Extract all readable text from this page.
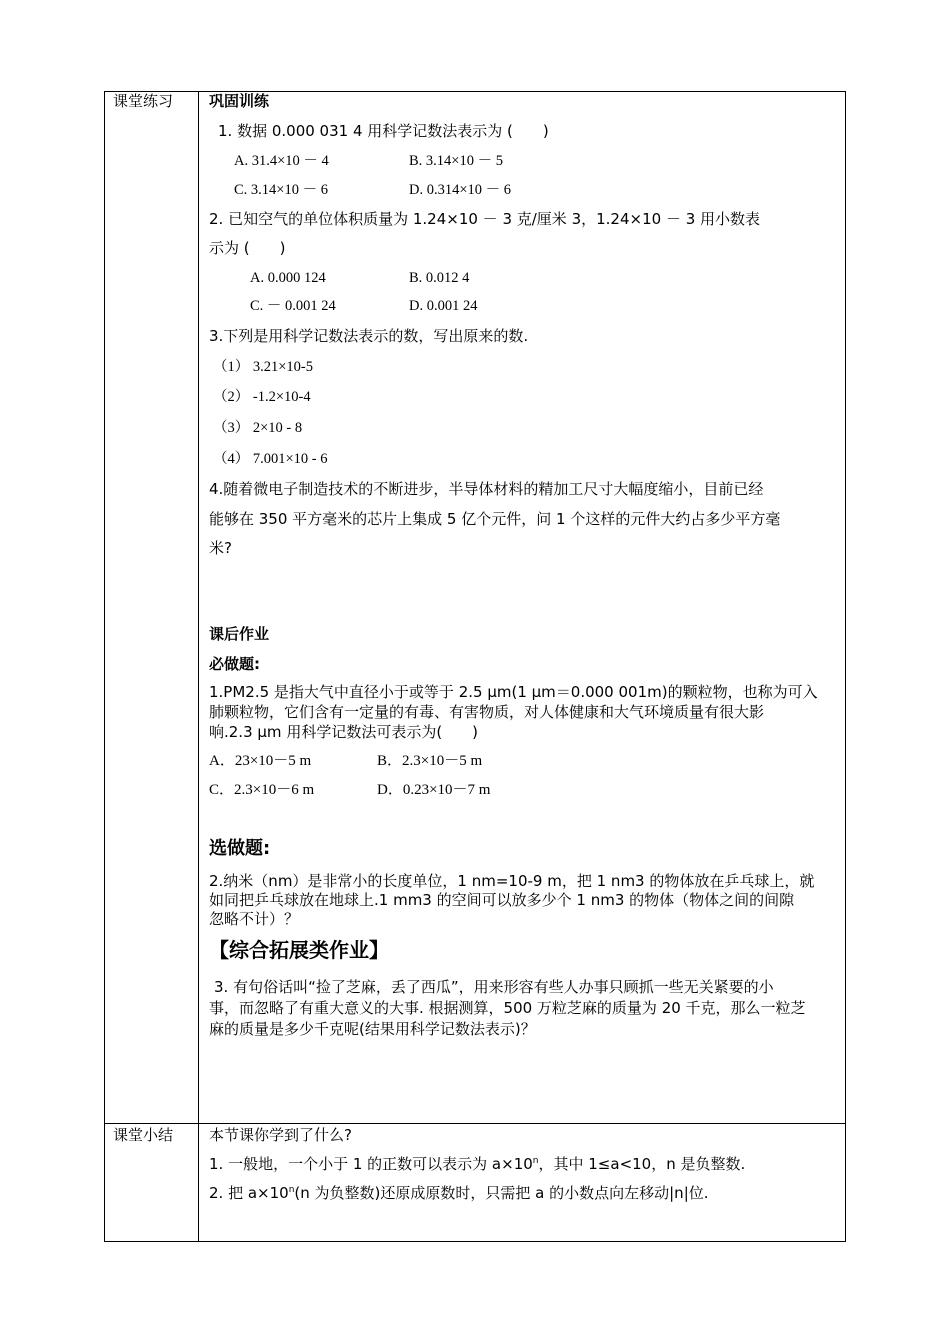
课堂练习 巩固训练
1. 数据 0.000 031 4 用科学记数法表示为 (　　)
A. 31.4×10 － 4	B. 3.14×10 － 5
C. 3.14×10 － 6	D. 0.314×10 － 6
2. 已知空气的单位体积质量为 1.24×10 － 3 克/厘米 3，1.24×10 － 3 用小数表
示为 (　　)
A. 0.000 124	B. 0.012 4
C. － 0.001 24	D. 0.001 24
3.下列是用科学记数法表示的数，写出原来的数.
（1） 3.21×10-5
（2） -1.2×10-4
（3） 2×10 - 8
（4） 7.001×10 - 6
4.随着微电子制造技术的不断进步，半导体材料的精加工尺寸大幅度缩小，目前已经
能够在 350 平方毫米的芯片上集成 5 亿个元件，问 1 个这样的元件大约占多少平方毫
米?
课后作业
必做题:
1.PM2.5 是指大气中直径小于或等于 2.5 μm(1 μm＝0.000 001m)的颗粒物，也称为可入
肺颗粒物，它们含有一定量的有毒、有害物质，对人体健康和大气环境质量有很大影
响.2.3 μm 用科学记数法可表示为(　　)
A．23×10－5 m	B．2.3×10－5 m
C．2.3×10－6 m	D．0.23×10－7 m
选做题:
2.纳米（nm）是非常小的长度单位，1 nm=10-9 m，把 1 nm3 的物体放在乒乓球上，就
如同把乒乓球放在地球上.1 mm3 的空间可以放多少个 1 nm3 的物体（物体之间的间隙
忽略不计）？
【综合拓展类作业】
3. 有句俗话叫“捡了芝麻，丢了西瓜”，用来形容有些人办事只顾抓一些无关紧要的小
事，而忽略了有重大意义的大事. 根据测算，500 万粒芝麻的质量为 20 千克，那么一粒芝
麻的质量是多少千克呢(结果用科学记数法表示)？
课堂小结 本节课你学到了什么?
1. 一般地，一个小于 1 的正数可以表示为 $a\times 10^n$，其中 1≤a<10，n 是负整数.
2. 把 $a\times 10^n(n$ 为负整数)还原成原数时，只需把 a 的小数点向左移动|n|位.
